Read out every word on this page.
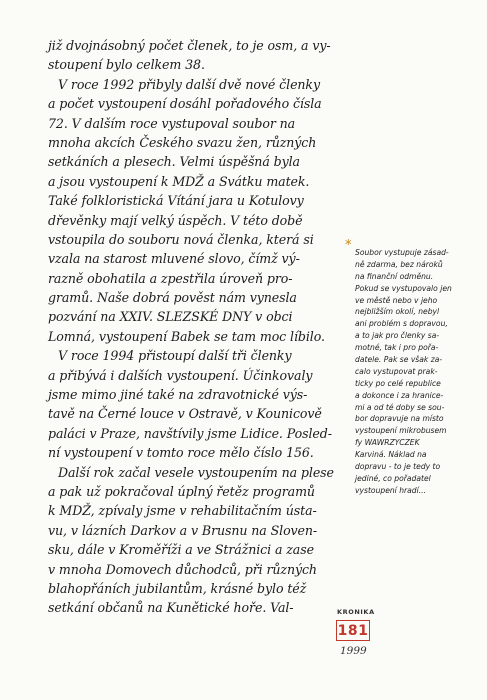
již dvojnásobný počet členek, to je osm, a vy-
stoupení bylo celkem 38.
V roce 1992 přibyly další dvě nové členky
a počet vystoupení dosáhl pořadového čísla
72. V dalším roce vystupoval soubor na
mnoha akcích Českého svazu žen, různých
setkáních a plesech. Velmi úspěšná byla
a jsou vystoupení k MDŽ a Svátku matek.
Také folkloristická Vítání jara u Kotulovy
dřevěnky mají velký úspěch. V této době
vstoupila do souboru nová členka, která si
vzala na starost mluvené slovo, čímž vý-
razně obohatila a zpestřila úroveň pro-
gramů. Naše dobrá pověst nám vynesla
pozvání na XXIV. SLEZSKÉ DNY v obci
Lomná, vystoupení Babek se tam moc líbilo.
V roce 1994 přistoupí další tři členky
a přibývá i dalších vystoupení. Účinkovaly
jsme mimo jiné také na zdravotnické výs-
tavě na Černé louce v Ostravě, v Kounicově
paláci v Praze, navštívily jsme Lidice. Posled-
ní vystoupení v tomto roce mělo číslo 156.
Další rok začal vesele vystoupením na plese
a pak už pokračoval úplný řetěz programů
k MDŽ, zpívaly jsme v rehabilitačním ústa-
vu, v lázních Darkov a v Brusnu na Sloven-
sku, dále v Kroměříži a ve Strážnici a zase
v mnoha Domovech důchodců, při různých
blahopřáních jubilantům, krásné bylo též
setkání občanů na Kunětické hoře. Val-
* Soubor vystupuje zásad-
ně zdarma, bez nároků
na finanční odměnu.
Pokud se vystupovalo jen
ve městě nebo v jeho
nejbližším okolí, nebyl
ani problém s dopravou,
a to jak pro členky sa-
motné, tak i pro pořa-
datele. Pak se však za-
calo vystupovat prak-
ticky po celé republice
a dokonce i za hranice-
mi a od té doby se sou-
bor dopravuje na místo
vystoupení mikrobusem
fy WAWRZYCZEK
Karviná. Náklad na
dopravu - to je tedy to
jediné, co pořadatel
vystoupení hradí...
KRONIKA
181
1999
